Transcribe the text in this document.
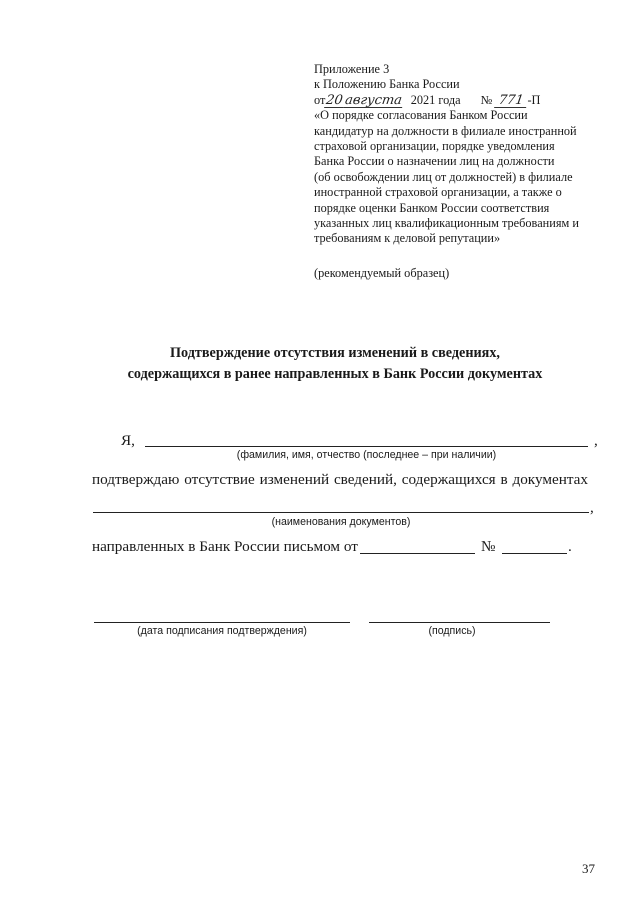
Приложение 3
к Положению Банка России
от20августа 2021 года № 771 -П
«О порядке согласования Банком России
кандидатур на должности в филиале иностранной
страховой организации, порядке уведомления
Банка России о назначении лиц на должности
(об освобождении лиц от должностей) в филиале
иностранной страховой организации, а также о
порядке оценки Банком России соответствия
указанных лиц квалификационным требованиям и
требованиям к деловой репутации»
(рекомендуемый образец)
Подтверждение отсутствия изменений в сведениях,
содержащихся в ранее направленных в Банк России документах
Я,	,
(фамилия, имя, отчество (последнее – при наличии)
подтверждаю отсутствие изменений сведений, содержащихся в документах
,
(наименования документов)
направленных в Банк России письмом от	№	.
(дата подписания подтверждения)	(подпись)
37
